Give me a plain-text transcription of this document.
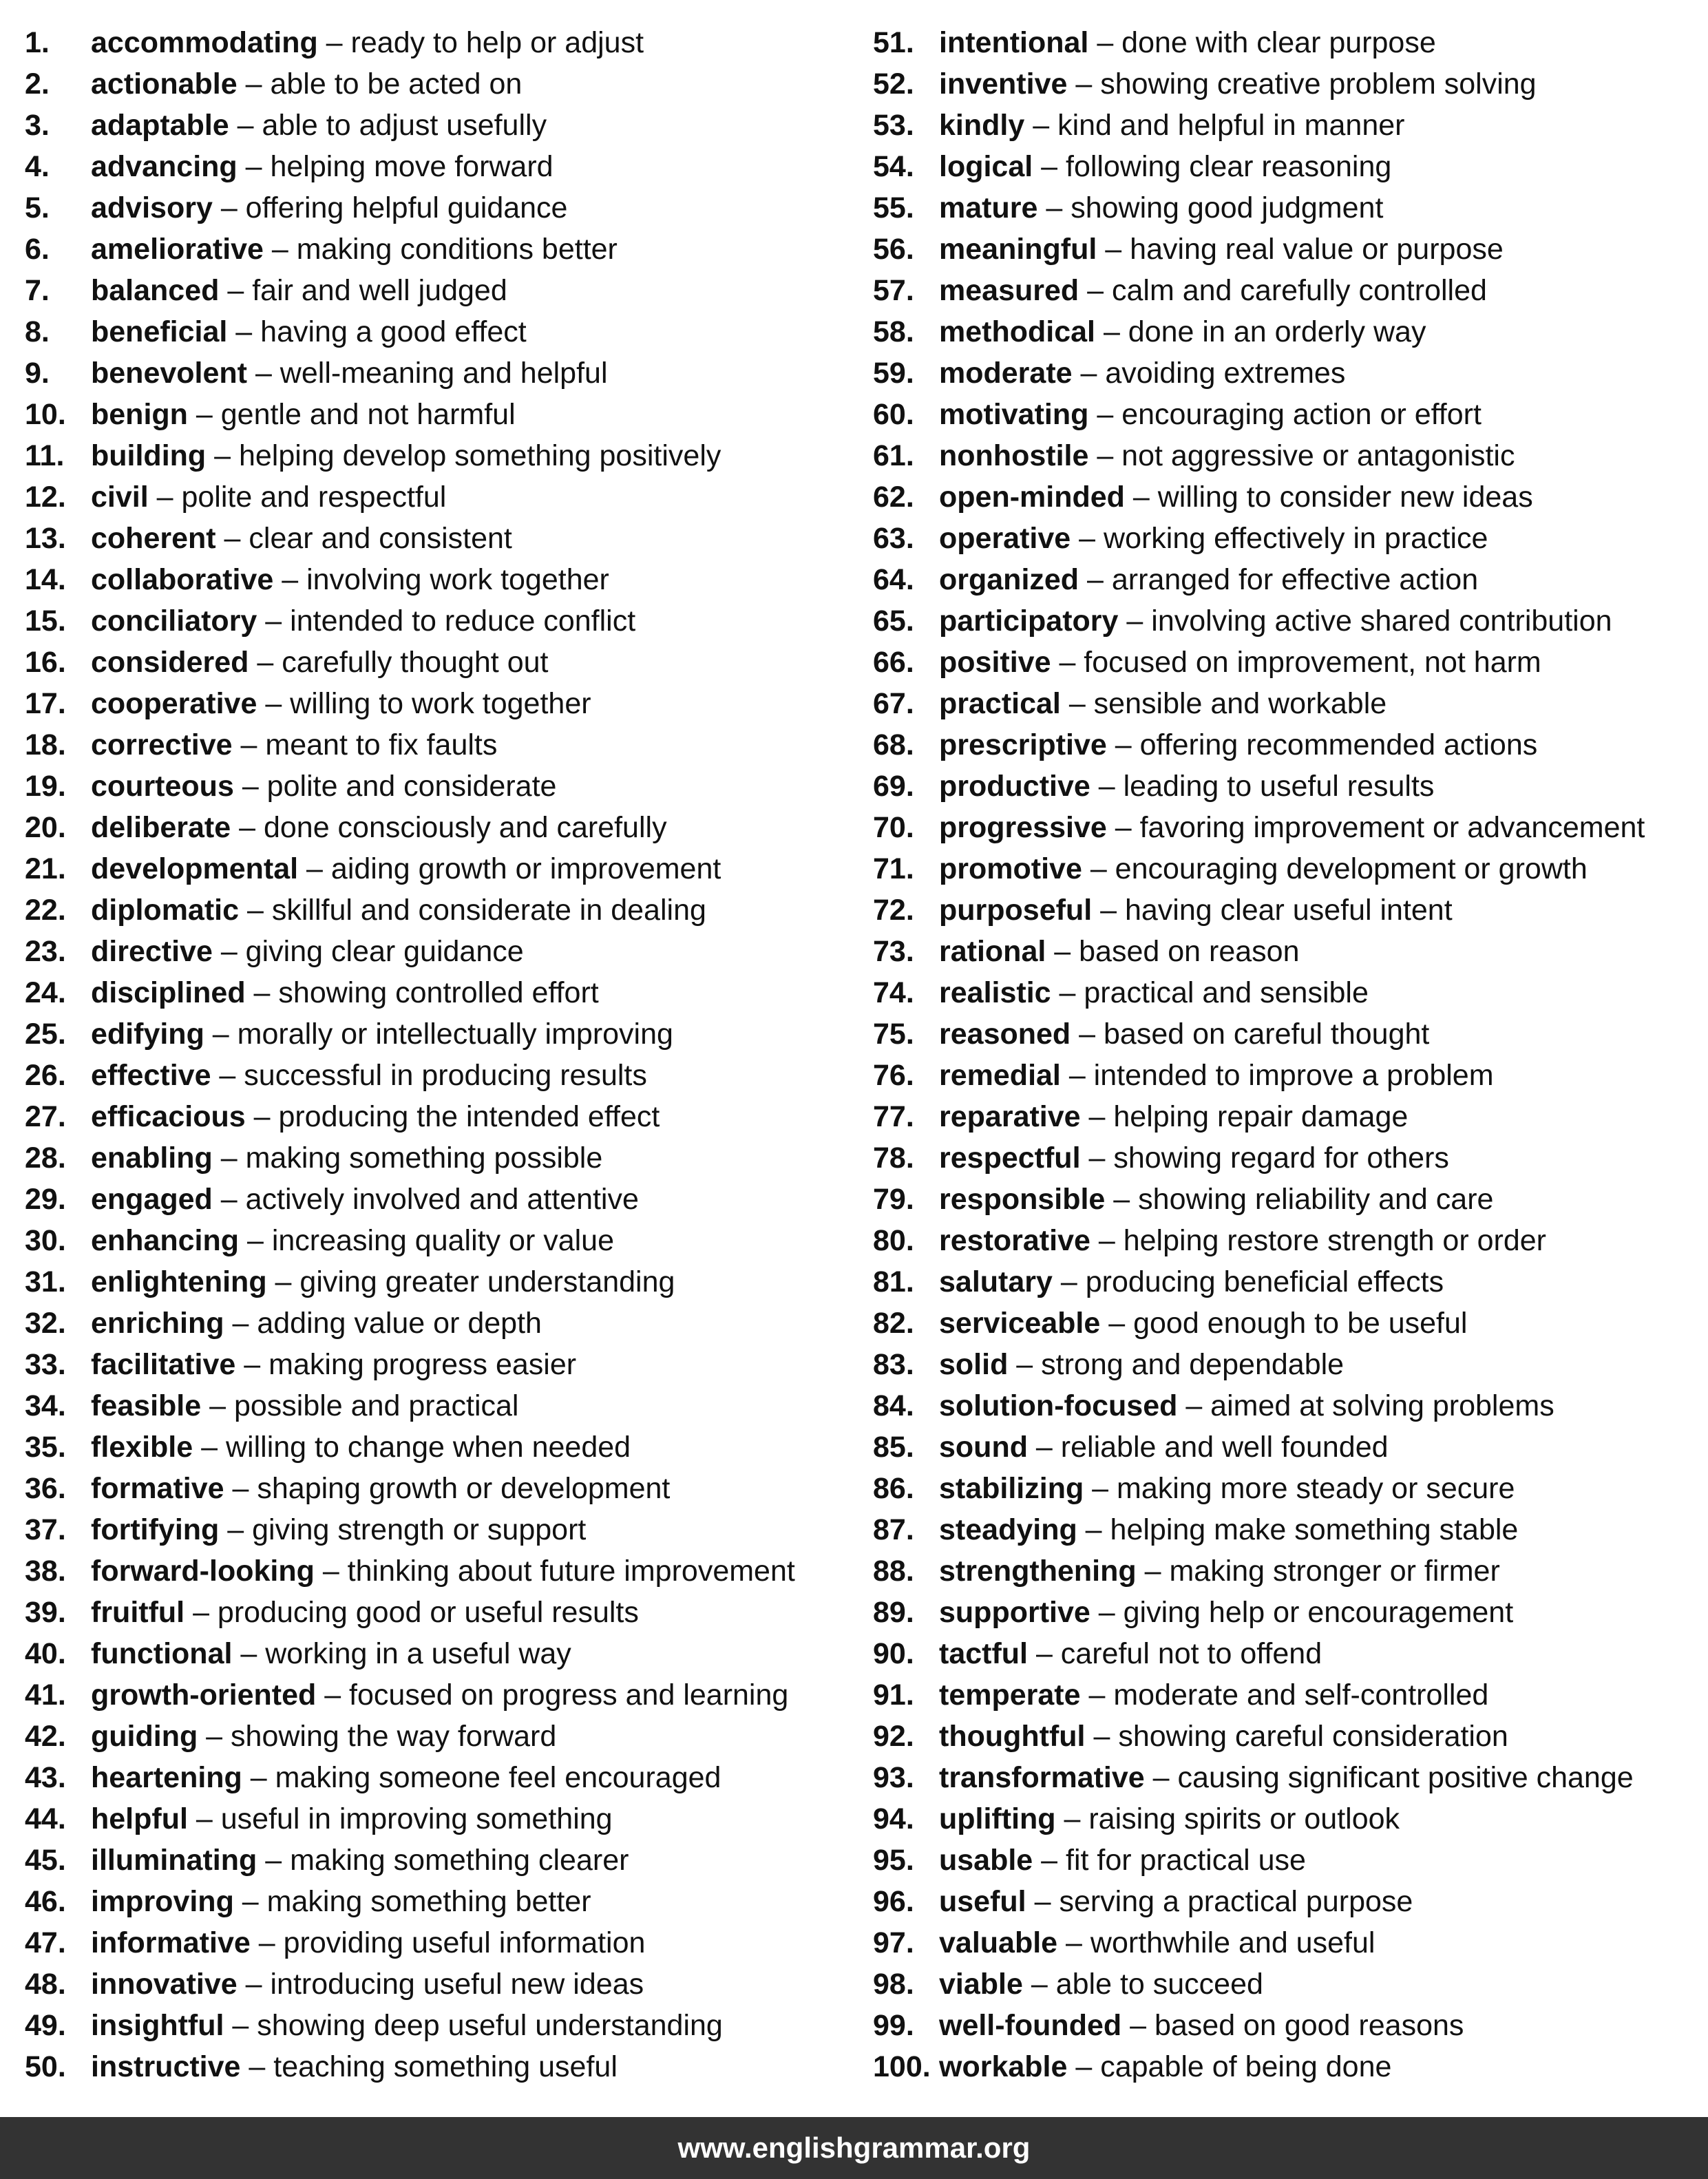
1. accommodating – ready to help or adjust
2. actionable – able to be acted on
3. adaptable – able to adjust usefully
4. advancing – helping move forward
5. advisory – offering helpful guidance
6. ameliorative – making conditions better
7. balanced – fair and well judged
8. beneficial – having a good effect
9. benevolent – well-meaning and helpful
10. benign – gentle and not harmful
11. building – helping develop something positively
12. civil – polite and respectful
13. coherent – clear and consistent
14. collaborative – involving work together
15. conciliatory – intended to reduce conflict
16. considered – carefully thought out
17. cooperative – willing to work together
18. corrective – meant to fix faults
19. courteous – polite and considerate
20. deliberate – done consciously and carefully
21. developmental – aiding growth or improvement
22. diplomatic – skillful and considerate in dealing
23. directive – giving clear guidance
24. disciplined – showing controlled effort
25. edifying – morally or intellectually improving
26. effective – successful in producing results
27. efficacious – producing the intended effect
28. enabling – making something possible
29. engaged – actively involved and attentive
30. enhancing – increasing quality or value
31. enlightening – giving greater understanding
32. enriching – adding value or depth
33. facilitative – making progress easier
34. feasible – possible and practical
35. flexible – willing to change when needed
36. formative – shaping growth or development
37. fortifying – giving strength or support
38. forward-looking – thinking about future improvement
39. fruitful – producing good or useful results
40. functional – working in a useful way
41. growth-oriented – focused on progress and learning
42. guiding – showing the way forward
43. heartening – making someone feel encouraged
44. helpful – useful in improving something
45. illuminating – making something clearer
46. improving – making something better
47. informative – providing useful information
48. innovative – introducing useful new ideas
49. insightful – showing deep useful understanding
50. instructive – teaching something useful
51. intentional – done with clear purpose
52. inventive – showing creative problem solving
53. kindly – kind and helpful in manner
54. logical – following clear reasoning
55. mature – showing good judgment
56. meaningful – having real value or purpose
57. measured – calm and carefully controlled
58. methodical – done in an orderly way
59. moderate – avoiding extremes
60. motivating – encouraging action or effort
61. nonhostile – not aggressive or antagonistic
62. open-minded – willing to consider new ideas
63. operative – working effectively in practice
64. organized – arranged for effective action
65. participatory – involving active shared contribution
66. positive – focused on improvement, not harm
67. practical – sensible and workable
68. prescriptive – offering recommended actions
69. productive – leading to useful results
70. progressive – favoring improvement or advancement
71. promotive – encouraging development or growth
72. purposeful – having clear useful intent
73. rational – based on reason
74. realistic – practical and sensible
75. reasoned – based on careful thought
76. remedial – intended to improve a problem
77. reparative – helping repair damage
78. respectful – showing regard for others
79. responsible – showing reliability and care
80. restorative – helping restore strength or order
81. salutary – producing beneficial effects
82. serviceable – good enough to be useful
83. solid – strong and dependable
84. solution-focused – aimed at solving problems
85. sound – reliable and well founded
86. stabilizing – making more steady or secure
87. steadying – helping make something stable
88. strengthening – making stronger or firmer
89. supportive – giving help or encouragement
90. tactful – careful not to offend
91. temperate – moderate and self-controlled
92. thoughtful – showing careful consideration
93. transformative – causing significant positive change
94. uplifting – raising spirits or outlook
95. usable – fit for practical use
96. useful – serving a practical purpose
97. valuable – worthwhile and useful
98. viable – able to succeed
99. well-founded – based on good reasons
100. workable – capable of being done
www.englishgrammar.org
